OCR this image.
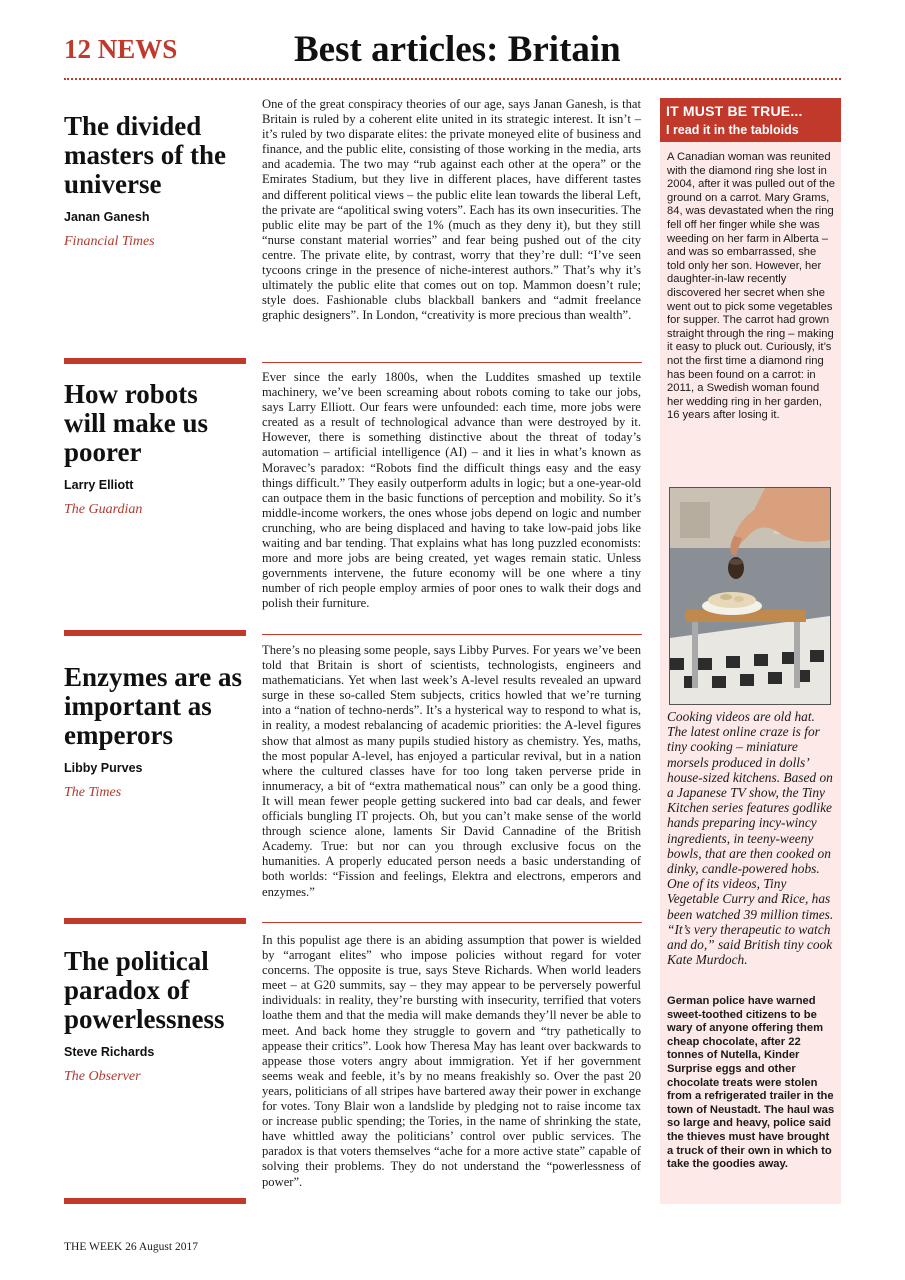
12 NEWS	Best articles: Britain
The divided masters of the universe
Janan Ganesh
Financial Times

One of the great conspiracy theories of our age, says Janan Ganesh, is that Britain is ruled by a coherent elite united in its strategic interest. It isn’t – it’s ruled by two disparate elites: the private moneyed elite of business and finance, and the public elite, consisting of those working in the media, arts and academia. The two may “rub against each other at the opera” or the Emirates Stadium, but they live in different places, have different tastes and different political views – the public elite lean towards the liberal Left, the private are “apolitical swing voters”. Each has its own insecurities. The public elite may be part of the 1% (much as they deny it), but they still “nurse constant material worries” and fear being pushed out of the city centre. The private elite, by contrast, worry that they’re dull: “I’ve seen tycoons cringe in the presence of niche-interest authors.” That’s why it’s ultimately the public elite that comes out on top. Mammon doesn’t rule; style does. Fashionable clubs blackball bankers and “admit freelance graphic designers”. In London, “creativity is more precious than wealth”.

How robots will make us poorer
Larry Elliott
The Guardian

Ever since the early 1800s, when the Luddites smashed up textile machinery, we’ve been screaming about robots coming to take our jobs, says Larry Elliott. Our fears were unfounded: each time, more jobs were created as a result of technological advance than were destroyed by it. However, there is something distinctive about the threat of today’s automation – artificial intelligence (AI) – and it lies in what’s known as Moravec’s paradox: “Robots find the difficult things easy and the easy things difficult.” They easily outperform adults in logic; but a one-year-old can outpace them in the basic functions of perception and mobility. So it’s middle-income workers, the ones whose jobs depend on logic and number crunching, who are being displaced and having to take low-paid jobs like waiting and bar tending. That explains what has long puzzled economists: more and more jobs are being created, yet wages remain static. Unless governments intervene, the future economy will be one where a tiny number of rich people employ armies of poor ones to walk their dogs and polish their furniture.

Enzymes are as important as emperors
Libby Purves
The Times

There’s no pleasing some people, says Libby Purves. For years we’ve been told that Britain is short of scientists, technologists, engineers and mathematicians. Yet when last week’s A-level results revealed an upward surge in these so-called Stem subjects, critics howled that we’re turning into a “nation of techno-nerds”. It’s a hysterical way to respond to what is, in reality, a modest rebalancing of academic priorities: the A-level figures show that almost as many pupils studied history as chemistry. Yes, maths, the most popular A-level, has enjoyed a particular revival, but in a nation where the cultured classes have for too long taken perverse pride in innumeracy, a bit of “extra mathematical nous” can only be a good thing. It will mean fewer people getting suckered into bad car deals, and fewer officials bungling IT projects. Oh, but you can’t make sense of the world through science alone, laments Sir David Cannadine of the British Academy. True: but nor can you through exclusive focus on the humanities. A properly educated person needs a basic understanding of both worlds: “Fission and feelings, Elektra and electrons, emperors and enzymes.”

The political paradox of powerlessness
Steve Richards
The Observer

In this populist age there is an abiding assumption that power is wielded by “arrogant elites” who impose policies without regard for voter concerns. The opposite is true, says Steve Richards. When world leaders meet – at G20 summits, say – they may appear to be perversely powerful individuals: in reality, they’re bursting with insecurity, terrified that voters loathe them and that the media will make demands they’ll never be able to meet. And back home they struggle to govern and “try pathetically to appease their critics”. Look how Theresa May has leant over backwards to appease those voters angry about immigration. Yet if her government seems weak and feeble, it’s by no means freakishly so. Over the past 20 years, politicians of all stripes have bartered away their power in exchange for votes. Tony Blair won a landslide by pledging not to raise income tax or increase public spending; the Tories, in the name of shrinking the state, have whittled away the politicians’ control over public services. The paradox is that voters themselves “ache for a more active state” capable of solving their problems. They do not understand the “powerlessness of power”.

IT MUST BE TRUE...
I read it in the tabloids

A Canadian woman was reunited with the diamond ring she lost in 2004, after it was pulled out of the ground on a carrot. Mary Grams, 84, was devastated when the ring fell off her finger while she was weeding on her farm in Alberta – and was so embarrassed, she told only her son. However, her daughter-in-law recently discovered her secret when she went out to pick some vegetables for supper. The carrot had grown straight through the ring – making it easy to pluck out. Curiously, it’s not the first time a diamond ring has been found on a carrot: in 2011, a Swedish woman found her wedding ring in her garden, 16 years after losing it.

Cooking videos are old hat. The latest online craze is for tiny cooking – miniature morsels produced in dolls’ house-sized kitchens. Based on a Japanese TV show, the Tiny Kitchen series features godlike hands preparing incy-wincy ingredients, in teeny-weeny bowls, that are then cooked on dinky, candle-powered hobs. One of its videos, Tiny Vegetable Curry and Rice, has been watched 39 million times. “It’s very therapeutic to watch and do,” said British tiny cook Kate Murdoch.

German police have warned sweet-toothed citizens to be wary of anyone offering them cheap chocolate, after 22 tonnes of Nutella, Kinder Surprise eggs and other chocolate treats were stolen from a refrigerated trailer in the town of Neustadt. The haul was so large and heavy, police said the thieves must have brought a truck of their own in which to take the goodies away.

THE WEEK 26 August 2017
